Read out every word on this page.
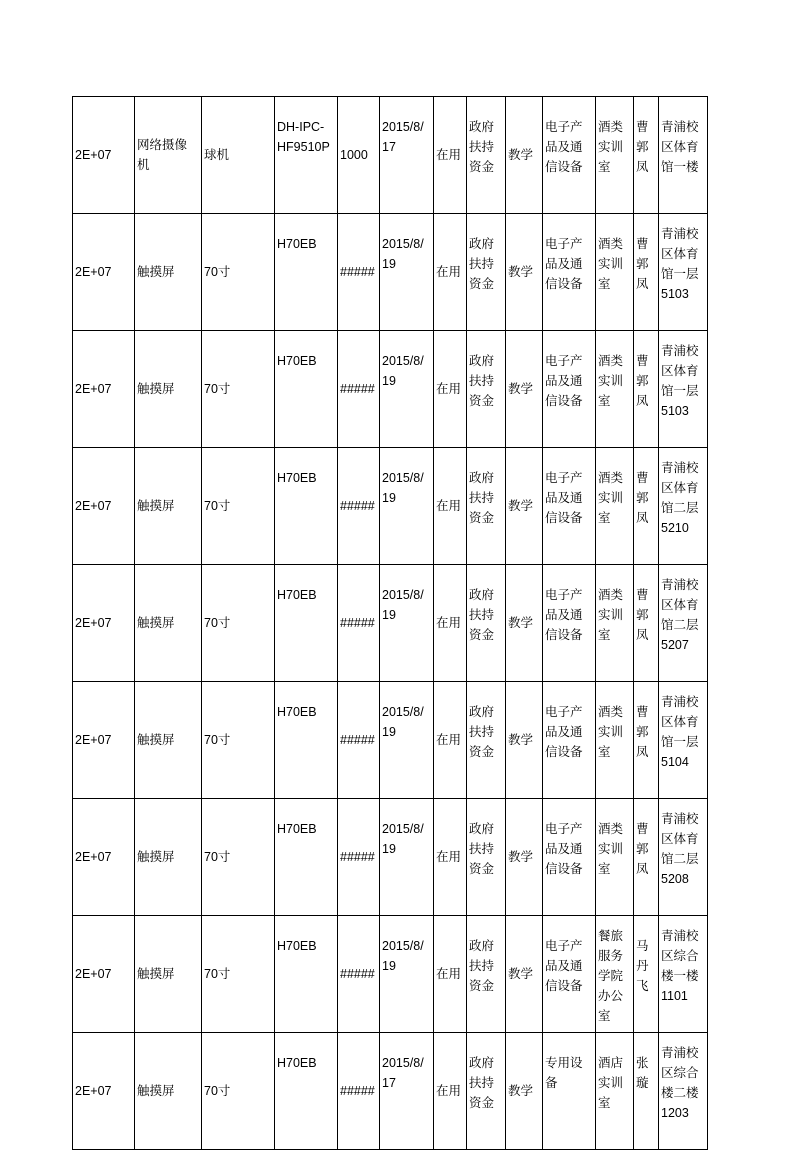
2E+07	网络摄像
机	球机	DH-IPC-
HF9510P	1000	2015/8/
17	在用	政府
扶持
资金	教学	电子产
品及通
信设备	酒类
实训
室	曹
郭
凤	青浦校
区体育
馆一楼
2E+07	触摸屏	70寸	H70EB	#####	2015/8/
19	在用	政府
扶持
资金	教学	电子产
品及通
信设备	酒类
实训
室	曹
郭
凤	青浦校
区体育
馆一层
5103
2E+07	触摸屏	70寸	H70EB	#####	2015/8/
19	在用	政府
扶持
资金	教学	电子产
品及通
信设备	酒类
实训
室	曹
郭
凤	青浦校
区体育
馆一层
5103
2E+07	触摸屏	70寸	H70EB	#####	2015/8/
19	在用	政府
扶持
资金	教学	电子产
品及通
信设备	酒类
实训
室	曹
郭
凤	青浦校
区体育
馆二层
5210
2E+07	触摸屏	70寸	H70EB	#####	2015/8/
19	在用	政府
扶持
资金	教学	电子产
品及通
信设备	酒类
实训
室	曹
郭
凤	青浦校
区体育
馆二层
5207
2E+07	触摸屏	70寸	H70EB	#####	2015/8/
19	在用	政府
扶持
资金	教学	电子产
品及通
信设备	酒类
实训
室	曹
郭
凤	青浦校
区体育
馆一层
5104
2E+07	触摸屏	70寸	H70EB	#####	2015/8/
19	在用	政府
扶持
资金	教学	电子产
品及通
信设备	酒类
实训
室	曹
郭
凤	青浦校
区体育
馆二层
5208
2E+07	触摸屏	70寸	H70EB	#####	2015/8/
19	在用	政府
扶持
资金	教学	电子产
品及通
信设备	餐旅
服务
学院
办公
室	马
丹
飞	青浦校
区综合
楼一楼
1101
2E+07	触摸屏	70寸	H70EB	#####	2015/8/
17	在用	政府
扶持
资金	教学	专用设
备	酒店
实训
室	张
璇	青浦校
区综合
楼二楼
1203
